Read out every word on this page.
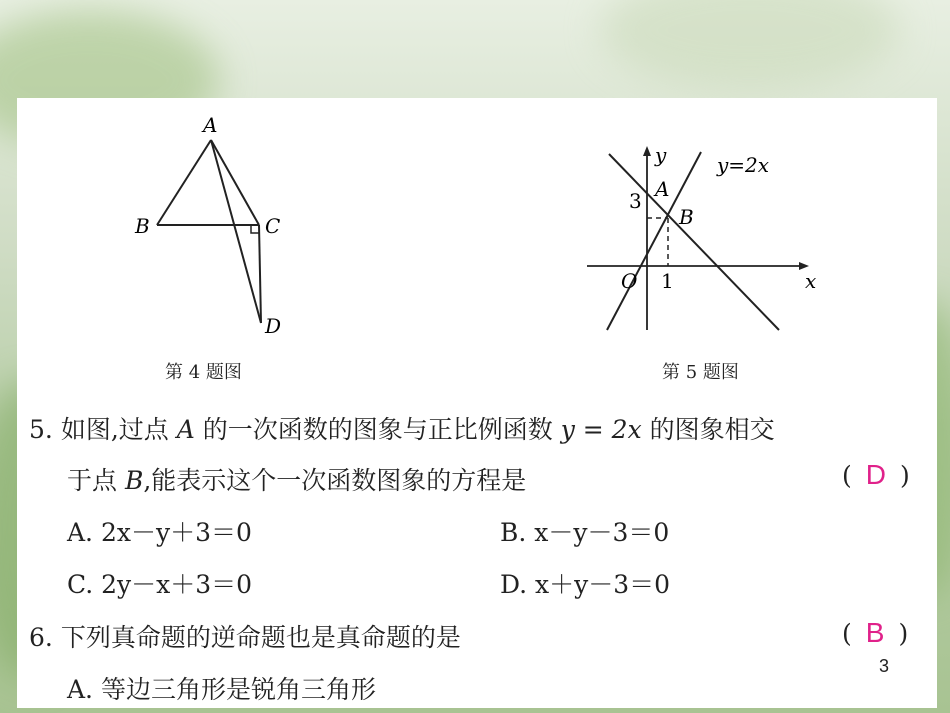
A
B	C
D
第 4 题图
y
x
O
3
1
A
B
y=2x
第 5 题图
5. 如图,过点 A 的一次函数的图象与正比例函数 y = 2x 的图象相交
于点 B,能表示这个一次函数图象的方程是	( D )
A. 2x－y＋3＝0	B. x－y－3＝0
C. 2y－x＋3＝0	D. x＋y－3＝0
6. 下列真命题的逆命题也是真命题的是	( B )
A. 等边三角形是锐角三角形
3
